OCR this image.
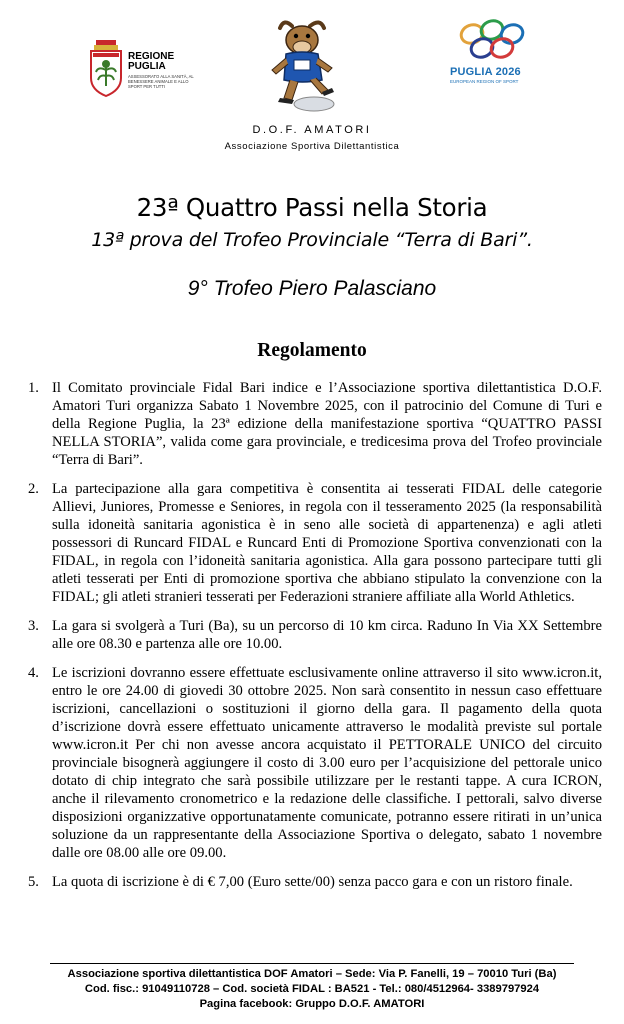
REGIONE
PUGLIA
ASSESSORATO ALLA SANITÀ, AL BENESSERE ANIMALE E ALLO SPORT PER TUTTI
PUGLIA 2026
EUROPEAN REGION OF SPORT
D.O.F. AMATORI
Associazione Sportiva Dilettantistica
23ª Quattro Passi nella Storia
13ª prova del Trofeo Provinciale “Terra di Bari”.
9° Trofeo Piero Palasciano
Regolamento
1. Il Comitato provinciale Fidal Bari indice e l’Associazione sportiva dilettantistica D.O.F. Amatori Turi organizza Sabato 1 Novembre 2025, con il patrocinio del Comune di Turi e della Regione Puglia, la 23ª edizione della manifestazione sportiva “QUATTRO PASSI NELLA STORIA”, valida come gara provinciale, e tredicesima prova del Trofeo provinciale “Terra di Bari”.
2. La partecipazione alla gara competitiva è consentita ai tesserati FIDAL delle categorie Allievi, Juniores, Promesse e Seniores, in regola con il tesseramento 2025 (la responsabilità sulla idoneità sanitaria agonistica è in seno alle società di appartenenza) e agli atleti possessori di Runcard FIDAL e Runcard Enti di Promozione Sportiva convenzionati con la FIDAL, in regola con l’idoneità sanitaria agonistica. Alla gara possono partecipare tutti gli atleti tesserati per Enti di promozione sportiva che abbiano stipulato la convenzione con la FIDAL; gli atleti stranieri tesserati per Federazioni straniere affiliate alla World Athletics.
3. La gara si svolgerà a Turi (Ba), su un percorso di 10 km circa. Raduno In Via XX Settembre alle ore 08.30 e partenza alle ore 10.00.
4. Le iscrizioni dovranno essere effettuate esclusivamente online attraverso il sito www.icron.it, entro le ore 24.00 di giovedi 30 ottobre 2025. Non sarà consentito in nessun caso effettuare iscrizioni, cancellazioni o sostituzioni il giorno della gara. Il pagamento della quota d’iscrizione dovrà essere effettuato unicamente attraverso le modalità previste sul portale www.icron.it Per chi non avesse ancora acquistato il PETTORALE UNICO del circuito provinciale bisognerà aggiungere il costo di 3.00 euro per l’acquisizione del pettorale unico dotato di chip integrato che sarà possibile utilizzare per le restanti tappe. A cura ICRON, anche il rilevamento cronometrico e la redazione delle classifiche. I pettorali, salvo diverse disposizioni organizzative opportunatamente comunicate, potranno essere ritirati in un’unica soluzione da un rappresentante della Associazione Sportiva o delegato, sabato 1 novembre dalle ore 08.00 alle ore 09.00.
5. La quota di iscrizione è di € 7,00 (Euro sette/00) senza pacco gara e con un ristoro finale.
Associazione sportiva dilettantistica DOF Amatori – Sede: Via P. Fanelli, 19 – 70010 Turi (Ba)
Cod. fisc.: 91049110728 – Cod. società FIDAL : BA521 - Tel.: 080/4512964- 3389797924
Pagina facebook: Gruppo D.O.F. AMATORI
